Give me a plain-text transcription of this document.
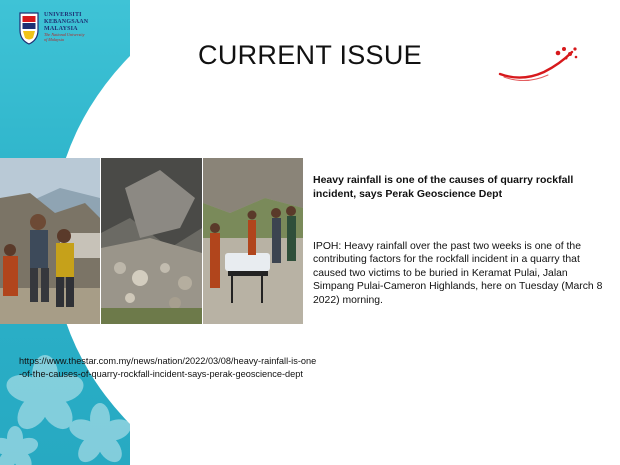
UNIVERSITI
KEBANGSAAN
MALAYSIA
The National University
of Malaysia
CURRENT ISSUE
Heavy rainfall is one of the causes of quarry rockfall incident, says Perak Geoscience Dept
IPOH: Heavy rainfall over the past two weeks is one of the contributing factors for the rockfall incident in a quarry that caused two victims to be buried in Keramat Pulai, Jalan Simpang Pulai-Cameron Highlands, here on Tuesday (March 8 2022) morning.
https://www.thestar.com.my/news/nation/2022/03/08/heavy-rainfall-is-one-of-the-causes-of-quarry-rockfall-incident-says-perak-geoscience-dept
